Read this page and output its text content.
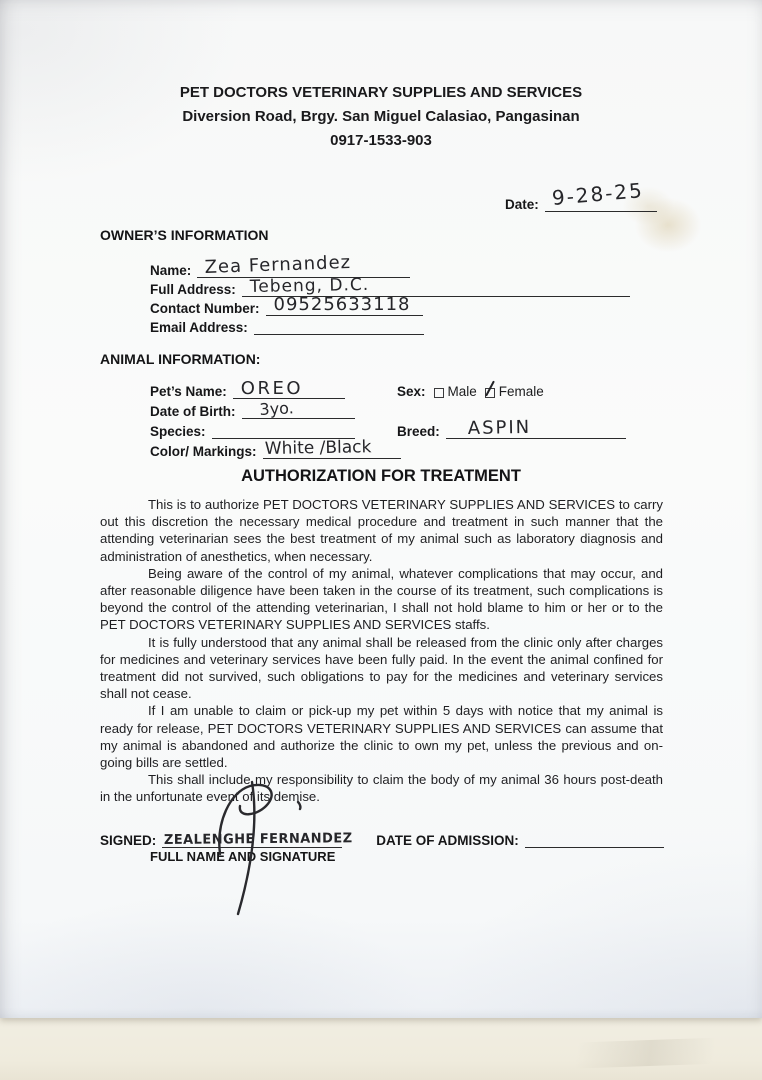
PET DOCTORS VETERINARY SUPPLIES AND SERVICES
Diversion Road, Brgy. San Miguel Calasiao, Pangasinan
0917-1533-903
Date: 9-28-25
OWNER’S INFORMATION
Name: Zea Fernandez
Full Address: Tebeng, D.C.
Contact Number: 09525633118
Email Address:
ANIMAL INFORMATION:
Pet’s Name: OREO	Sex: Male Female
Date of Birth: 3yo.
Species:	Breed: ASPIN
Color/ Markings: White /Black
AUTHORIZATION FOR TREATMENT

This is to authorize PET DOCTORS VETERINARY SUPPLIES AND SERVICES to carry out this discretion the necessary medical procedure and treatment in such manner that the attending veterinarian sees the best treatment of my animal such as laboratory diagnosis and administration of anesthetics, when necessary.

Being aware of the control of my animal, whatever complications that may occur, and after reasonable diligence have been taken in the course of its treatment, such complications is beyond the control of the attending veterinarian, I shall not hold blame to him or her or to the PET DOCTORS VETERINARY SUPPLIES AND SERVICES staffs.

It is fully understood that any animal shall be released from the clinic only after charges for medicines and veterinary services have been fully paid. In the event the animal confined for treatment did not survived, such obligations to pay for the medicines and veterinary services shall not cease.

If I am unable to claim or pick-up my pet within 5 days with notice that my animal is ready for release, PET DOCTORS VETERINARY SUPPLIES AND SERVICES can assume that my animal is abandoned and authorize the clinic to own my pet, unless the previous and on-going bills are settled.

This shall include my responsibility to claim the body of my animal 36 hours post-death in the unfortunate event of its demise.

SIGNED: ZEALENGHE FERNANDEZ DATE OF ADMISSION:
FULL NAME AND SIGNATURE
